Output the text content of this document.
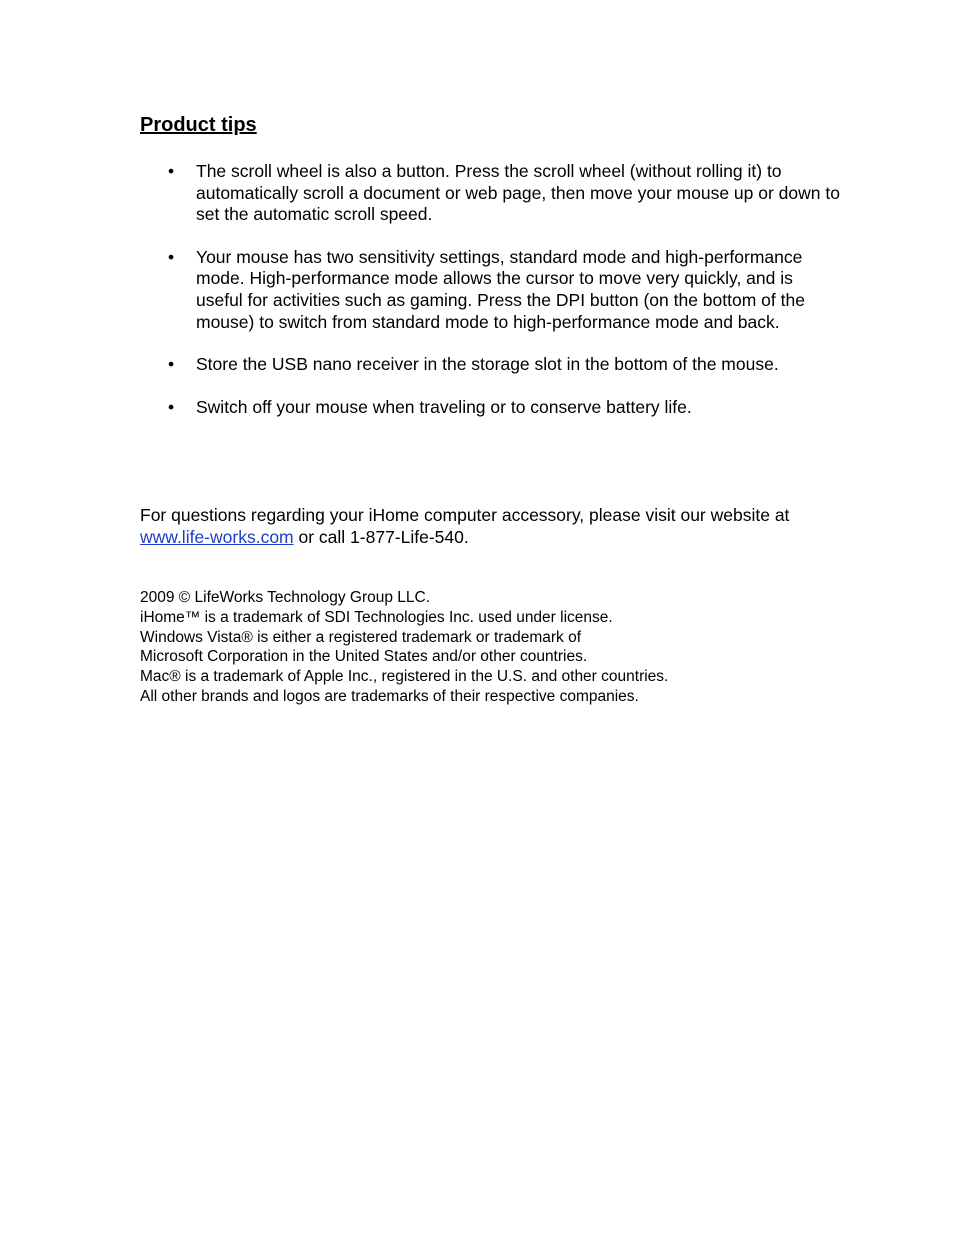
Product tips
• The scroll wheel is also a button. Press the scroll wheel (without rolling it) to automatically scroll a document or web page, then move your mouse up or down to set the automatic scroll speed.
• Your mouse has two sensitivity settings, standard mode and high-performance mode. High-performance mode allows the cursor to move very quickly, and is useful for activities such as gaming. Press the DPI button (on the bottom of the mouse) to switch from standard mode to high-performance mode and back.
• Store the USB nano receiver in the storage slot in the bottom of the mouse.
• Switch off your mouse when traveling or to conserve battery life.

For questions regarding your iHome computer accessory, please visit our website at www.life-works.com or call 1-877-Life-540.

2009 © LifeWorks Technology Group LLC.
iHome™ is a trademark of SDI Technologies Inc. used under license.
Windows Vista® is either a registered trademark or trademark of
Microsoft Corporation in the United States and/or other countries.
Mac® is a trademark of Apple Inc., registered in the U.S. and other countries.
All other brands and logos are trademarks of their respective companies.
